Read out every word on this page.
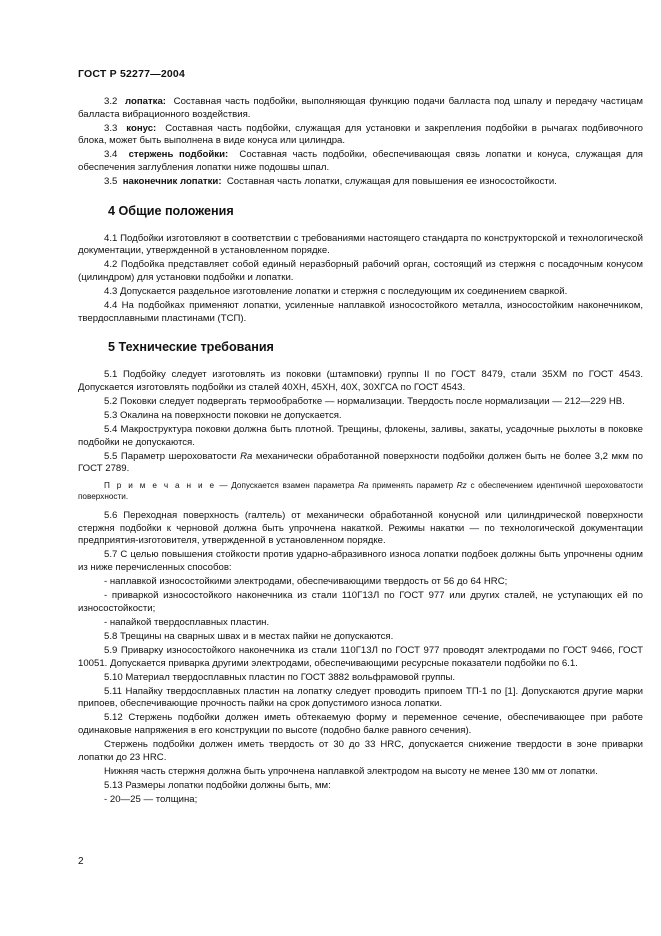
ГОСТ Р 52277—2004

3.2 лопатка: Составная часть подбойки, выполняющая функцию подачи балласта под шпалу и передачу частицам балласта вибрационного воздействия.

3.3 конус: Составная часть подбойки, служащая для установки и закрепления подбойки в рычагах подбивочного блока, может быть выполнена в виде конуса или цилиндра.

3.4 стержень подбойки: Составная часть подбойки, обеспечивающая связь лопатки и конуса, служащая для обеспечения заглубления лопатки ниже подошвы шпал.

3.5 наконечник лопатки: Составная часть лопатки, служащая для повышения ее износостойкости.

4 Общие положения

4.1 Подбойки изготовляют в соответствии с требованиями настоящего стандарта по конструкторской и технологической документации, утвержденной в установленном порядке.

4.2 Подбойка представляет собой единый неразборный рабочий орган, состоящий из стержня с посадочным конусом (цилиндром) для установки подбойки и лопатки.

4.3 Допускается раздельное изготовление лопатки и стержня с последующим их соединением сваркой.

4.4 На подбойках применяют лопатки, усиленные наплавкой износостойкого металла, износостойким наконечником, твердосплавными пластинами (ТСП).

5 Технические требования

5.1 Подбойку следует изготовлять из поковки (штамповки) группы II по ГОСТ 8479, стали 35ХМ по ГОСТ 4543. Допускается изготовлять подбойки из сталей 40ХН, 45ХН, 40Х, 30ХГСА по ГОСТ 4543.

5.2 Поковки следует подвергать термообработке — нормализации. Твердость после нормализации — 212—229 НВ.

5.3 Окалина на поверхности поковки не допускается.

5.4 Макроструктура поковки должна быть плотной. Трещины, флокены, заливы, закаты, усадочные рыхлоты в поковке подбойки не допускаются.

5.5 Параметр шероховатости Ra механически обработанной поверхности подбойки должен быть не более 3,2 мкм по ГОСТ 2789.

П р и м е ч а н и е — Допускается взамен параметра Ra применять параметр Rz с обеспечением идентичной шероховатости поверхности.

5.6 Переходная поверхность (галтель) от механически обработанной конусной или цилиндрической поверхности стержня подбойки к черновой должна быть упрочнена накаткой. Режимы накатки — по технологической документации предприятия-изготовителя, утвержденной в установленном порядке.

5.7 С целью повышения стойкости против ударно-абразивного износа лопатки подбоек должны быть упрочнены одним из ниже перечисленных способов:

- наплавкой износостойкими электродами, обеспечивающими твердость от 56 до 64 HRC;

- приваркой износостойкого наконечника из стали 110Г13Л по ГОСТ 977 или других сталей, не уступающих ей по износостойкости;

- напайкой твердосплавных пластин.

5.8 Трещины на сварных швах и в местах пайки не допускаются.

5.9 Приварку износостойкого наконечника из стали 110Г13Л по ГОСТ 977 проводят электродами по ГОСТ 9466, ГОСТ 10051. Допускается приварка другими электродами, обеспечивающими ресурсные показатели подбойки по 6.1.

5.10 Материал твердосплавных пластин по ГОСТ 3882 вольфрамовой группы.

5.11 Напайку твердосплавных пластин на лопатку следует проводить припоем ТП-1 по [1]. Допускаются другие марки припоев, обеспечивающие прочность пайки на срок допустимого износа лопатки.

5.12 Стержень подбойки должен иметь обтекаемую форму и переменное сечение, обеспечивающее при работе одинаковые напряжения в его конструкции по высоте (подобно балке равного сечения).

Стержень подбойки должен иметь твердость от 30 до 33 HRC, допускается снижение твердости в зоне приварки лопатки до 23 HRC.

Нижняя часть стержня должна быть упрочнена наплавкой электродом на высоту не менее 130 мм от лопатки.

5.13 Размеры лопатки подбойки должны быть, мм:

- 20—25 — толщина;

2
